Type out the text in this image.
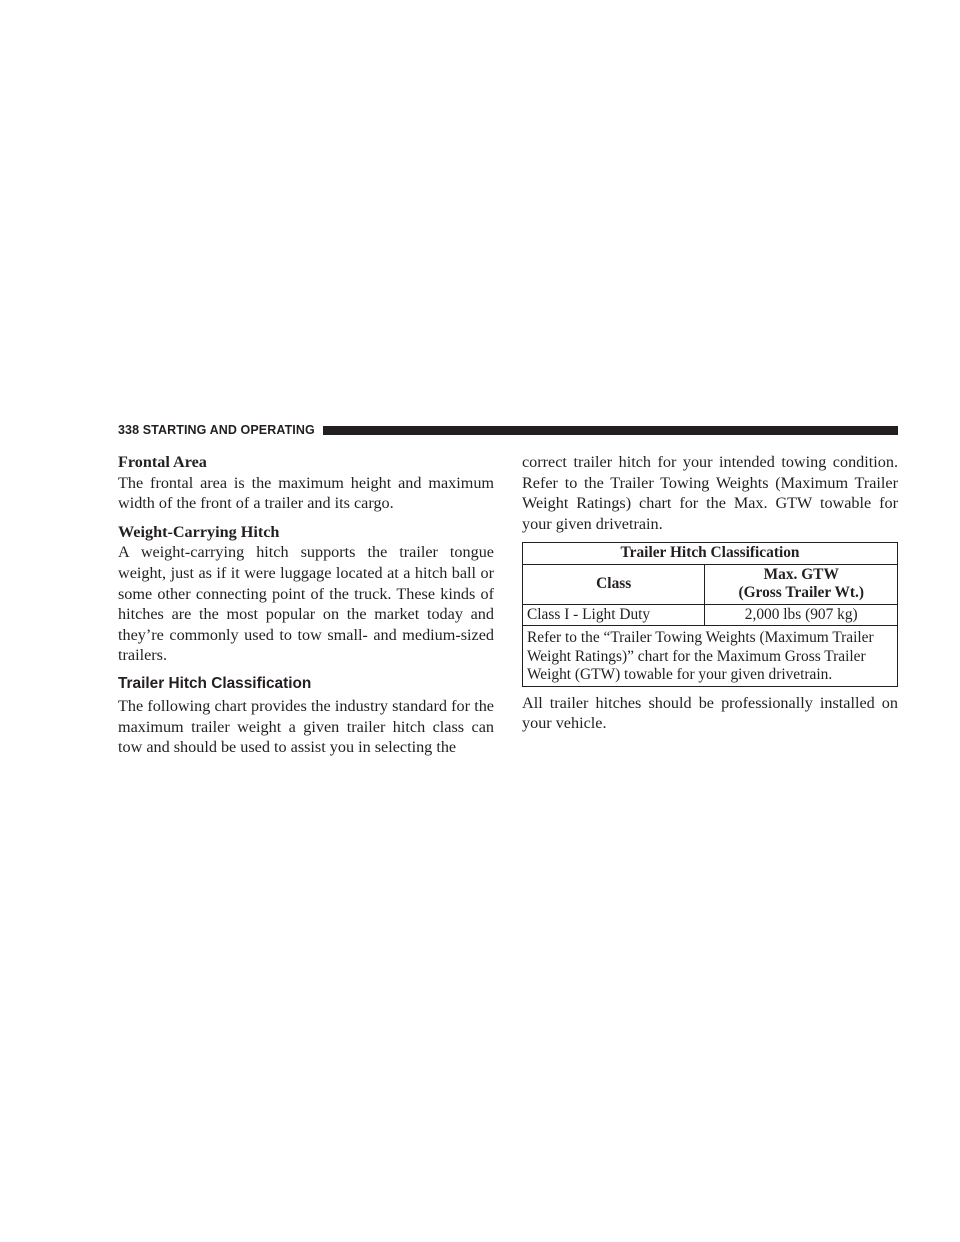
338 STARTING AND OPERATING

Frontal Area

The frontal area is the maximum height and maximum width of the front of a trailer and its cargo.

Weight-Carrying Hitch

A weight-carrying hitch supports the trailer tongue weight, just as if it were luggage located at a hitch ball or some other connecting point of the truck. These kinds of hitches are the most popular on the market today and they’re commonly used to tow small- and medium-sized trailers.

Trailer Hitch Classification

The following chart provides the industry standard for the maximum trailer weight a given trailer hitch class can tow and should be used to assist you in selecting the

correct trailer hitch for your intended towing condition. Refer to the Trailer Towing Weights (Maximum Trailer Weight Ratings) chart for the Max. GTW towable for your given drivetrain.

Trailer Hitch Classification	
Class	Max. GTW
(Gross Trailer Wt.)
Class I - Light Duty	2,000 lbs (907 kg)
Refer to the “Trailer Towing Weights (Maximum Trailer Weight Ratings)” chart for the Maximum Gross Trailer Weight (GTW) towable for your given drivetrain.	

All trailer hitches should be professionally installed on your vehicle.
